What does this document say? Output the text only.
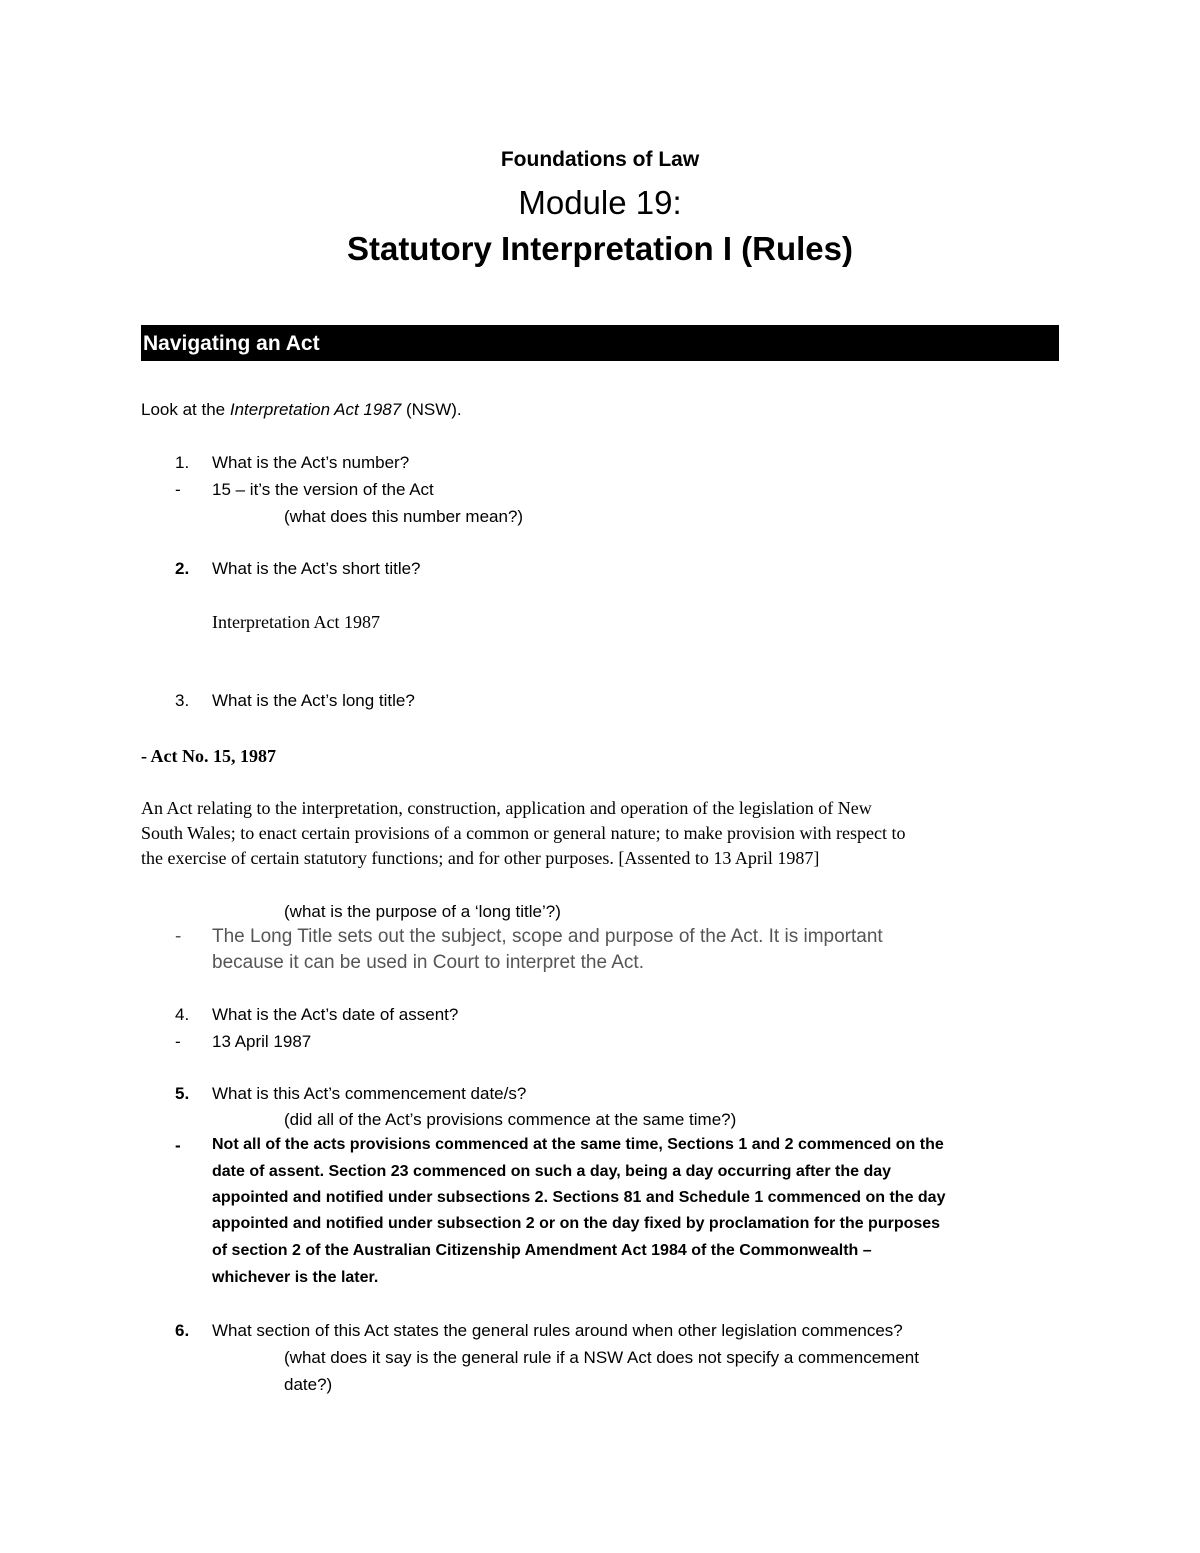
Foundations of Law
Module 19:
Statutory Interpretation I (Rules)
Navigating an Act
Look at the Interpretation Act 1987 (NSW).
1. What is the Act’s number?
- 15 – it’s the version of the Act
(what does this number mean?)
2. What is the Act’s short title?
Interpretation Act 1987
3. What is the Act’s long title?
- Act No. 15, 1987
An Act relating to the interpretation, construction, application and operation of the legislation of New
South Wales; to enact certain provisions of a common or general nature; to make provision with respect to
the exercise of certain statutory functions; and for other purposes. [Assented to 13 April 1987]
(what is the purpose of a ‘long title’?)
- The Long Title sets out the subject, scope and purpose of the Act. It is important
because it can be used in Court to interpret the Act.
4. What is the Act’s date of assent?
- 13 April 1987
5. What is this Act’s commencement date/s?
(did all of the Act’s provisions commence at the same time?)
- Not all of the acts provisions commenced at the same time, Sections 1 and 2 commenced on the
date of assent. Section 23 commenced on such a day, being a day occurring after the day
appointed and notified under subsections 2. Sections 81 and Schedule 1 commenced on the day
appointed and notified under subsection 2 or on the day fixed by proclamation for the purposes
of section 2 of the Australian Citizenship Amendment Act 1984 of the Commonwealth –
whichever is the later.
6. What section of this Act states the general rules around when other legislation commences?
(what does it say is the general rule if a NSW Act does not specify a commencement
date?)
